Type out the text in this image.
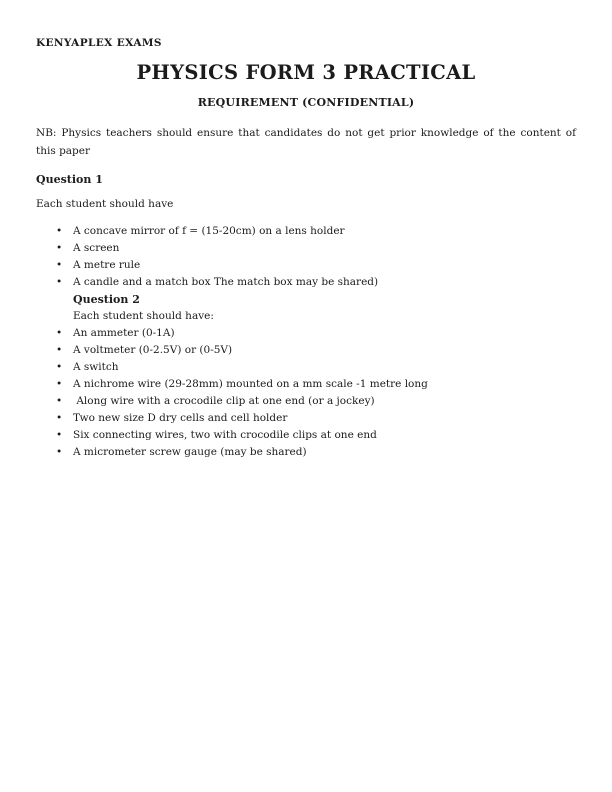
KENYAPLEX EXAMS
PHYSICS FORM 3 PRACTICAL
REQUIREMENT (CONFIDENTIAL)
NB: Physics teachers should ensure that candidates do not get prior knowledge of the content of
this paper
Question 1
Each student should have
• A concave mirror of f = (15-20cm) on a lens holder
• A screen
• A metre rule
• A candle and a match box The match box may be shared)
Question 2
Each student should have:
• An ammeter (0-1A)
• A voltmeter (0-2.5V) or (0-5V)
• A switch
• A nichrome wire (29-28mm) mounted on a mm scale -1 metre long
•  Along wire with a crocodile clip at one end (or a jockey)
• Two new size D dry cells and cell holder
• Six connecting wires, two with crocodile clips at one end
• A micrometer screw gauge (may be shared)
